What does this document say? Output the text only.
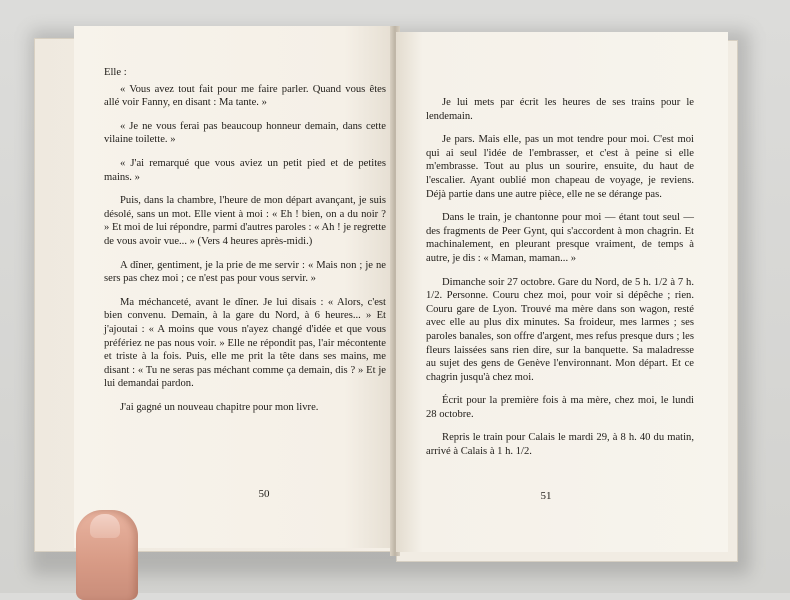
Elle :

« Vous avez tout fait pour me faire parler. Quand vous êtes allé voir Fanny, en disant : Ma tante. »

« Je ne vous ferai pas beaucoup honneur demain, dans cette vilaine toilette. »

« J'ai remarqué que vous aviez un petit pied et de petites mains. »

Puis, dans la chambre, l'heure de mon départ avançant, je suis désolé, sans un mot. Elle vient à moi : « Eh ! bien, on a du noir ? » Et moi de lui répondre, parmi d'autres paroles : « Ah ! je regrette de vous avoir vue... » (Vers 4 heures après-midi.)

A dîner, gentiment, je la prie de me servir : « Mais non ; je ne sers pas chez moi ; ce n'est pas pour vous servir. »

Ma méchanceté, avant le dîner. Je lui disais : « Alors, c'est bien convenu. Demain, à la gare du Nord, à 6 heures... » Et j'ajoutai : « A moins que vous n'ayez changé d'idée et que vous préfériez ne pas nous voir. » Elle ne répondit pas, l'air mécontente et triste à la fois. Puis, elle me prit la tête dans ses mains, me disant : « Tu ne seras pas méchant comme ça demain, dis ? » Et je lui demandai pardon.

J'ai gagné un nouveau chapitre pour mon livre.

50

Je lui mets par écrit les heures de ses trains pour le lendemain.

Je pars. Mais elle, pas un mot tendre pour moi. C'est moi qui ai seul l'idée de l'embrasser, et c'est à peine si elle m'embrasse. Tout au plus un sourire, ensuite, du haut de l'escalier. Ayant oublié mon chapeau de voyage, je reviens. Déjà partie dans une autre pièce, elle ne se dérange pas.

Dans le train, je chantonne pour moi — étant tout seul — des fragments de Peer Gynt, qui s'accordent à mon chagrin. Et machinalement, en pleurant presque vraiment, de temps à autre, je dis : « Maman, maman... »

Dimanche soir 27 octobre. Gare du Nord, de 5 h. 1/2 à 7 h. 1/2. Personne. Couru chez moi, pour voir si dépêche ; rien. Couru gare de Lyon. Trouvé ma mère dans son wagon, resté avec elle au plus dix minutes. Sa froideur, mes larmes ; ses paroles banales, son offre d'argent, mes refus presque durs ; les fleurs laissées sans rien dire, sur la banquette. Sa maladresse au sujet des gens de Genève l'environnant. Mon départ. Et ce chagrin jusqu'à chez moi.

Écrit pour la première fois à ma mère, chez moi, le lundi 28 octobre.

Repris le train pour Calais le mardi 29, à 8 h. 40 du matin, arrivé à Calais à 1 h. 1/2.

51
